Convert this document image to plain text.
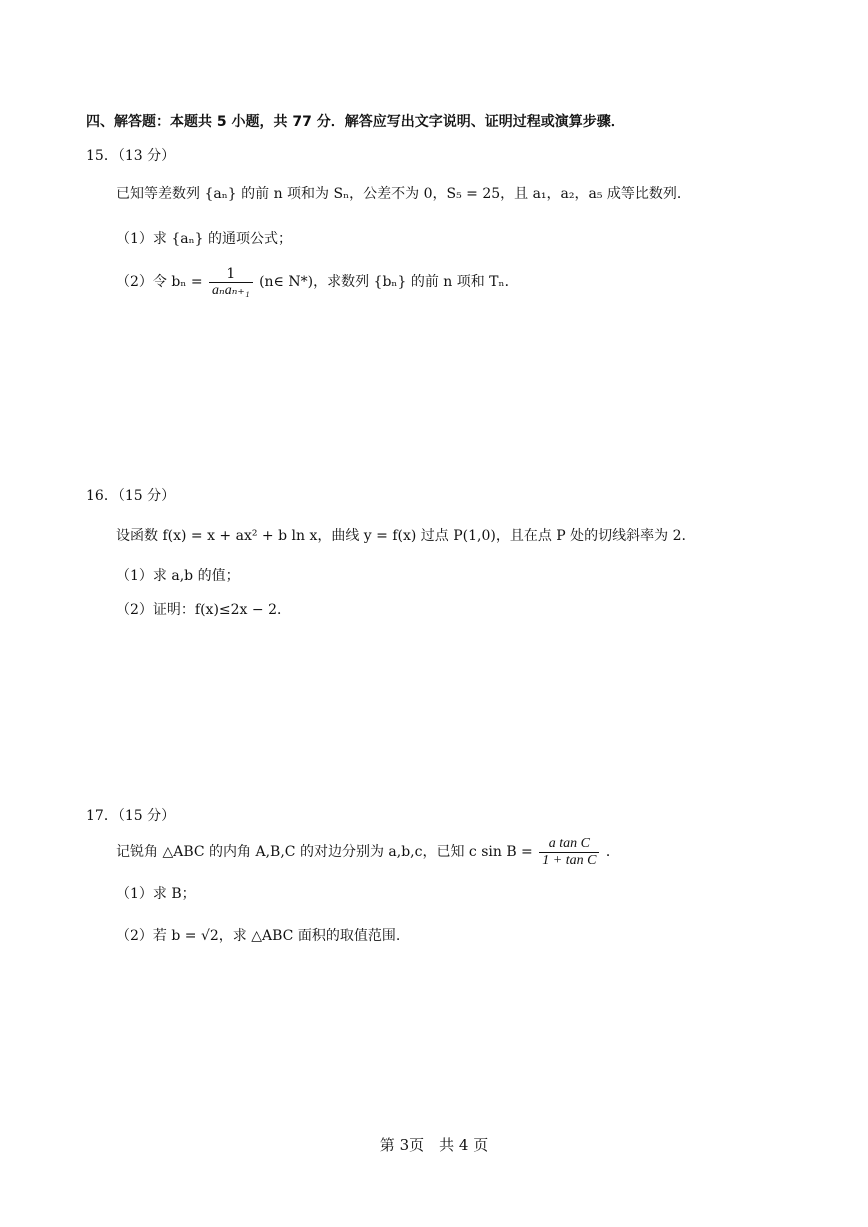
四、解答题：本题共 5 小题，共 77 分．解答应写出文字说明、证明过程或演算步骤．
15．（13 分）
已知等差数列 {aₙ} 的前 n 项和为 Sₙ，公差不为 0，S₅ = 25，且 a₁，a₂，a₅ 成等比数列．
（1）求 {aₙ} 的通项公式；
（2）令 $b_n = \frac{1}{\text{aₙaₙ₊₁}}$ (n∈ N*)，求数列 {bₙ} 的前 n 项和 Tₙ．
16．（15 分）
设函数 f(x) = x + ax² + b ln x，曲线 y = f(x) 过点 P(1,0)，且在点 P 处的切线斜率为 2.
（1）求 a,b 的值；
（2）证明：f(x)≤2x − 2．
17．（15 分）
记锐角 △ABC 的内角 A,B,C 的对边分别为 a,b,c，已知 c $\sin B = \frac{\text{a tan C}}{\text{1 + tan C}}$ ．
（1）求 B；
（2）若 b = √2，求 △ABC 面积的取值范围.
第 3页　共 4 页
